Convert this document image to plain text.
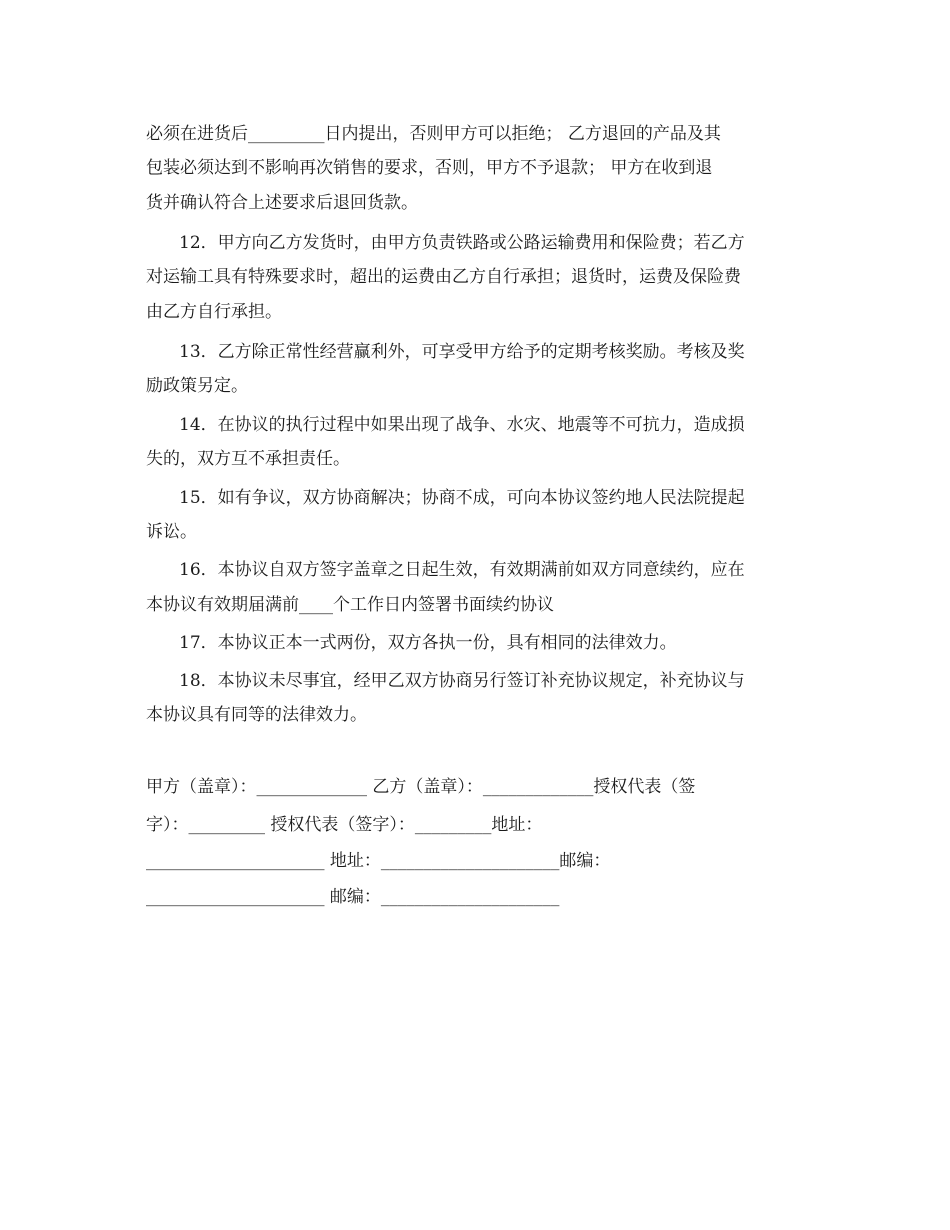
必须在进货后_________日内提出，否则甲方可以拒绝； 乙方退回的产品及其
包装必须达到不影响再次销售的要求，否则，甲方不予退款； 甲方在收到退
货并确认符合上述要求后退回货款。
12．甲方向乙方发货时，由甲方负责铁路或公路运输费用和保险费；若乙方
对运输工具有特殊要求时，超出的运费由乙方自行承担；退货时，运费及保险费
由乙方自行承担。
13．乙方除正常性经营赢利外，可享受甲方给予的定期考核奖励。考核及奖
励政策另定。
14．在协议的执行过程中如果出现了战争、水灾、地震等不可抗力，造成损
失的，双方互不承担责任。
15．如有争议，双方协商解决；协商不成，可向本协议签约地人民法院提起
诉讼。
16．本协议自双方签字盖章之日起生效，有效期满前如双方同意续约，应在
本协议有效期届满前____个工作日内签署书面续约协议
17．本协议正本一式两份，双方各执一份，具有相同的法律效力。
18．本协议未尽事宜，经甲乙双方协商另行签订补充协议规定，补充协议与
本协议具有同等的法律效力。
甲方（盖章）：_____________ 乙方（盖章）：_____________授权代表（签
字）：_________ 授权代表（签字）：_________地址：
_____________________ 地址：_____________________邮编：
_____________________ 邮编：_____________________
